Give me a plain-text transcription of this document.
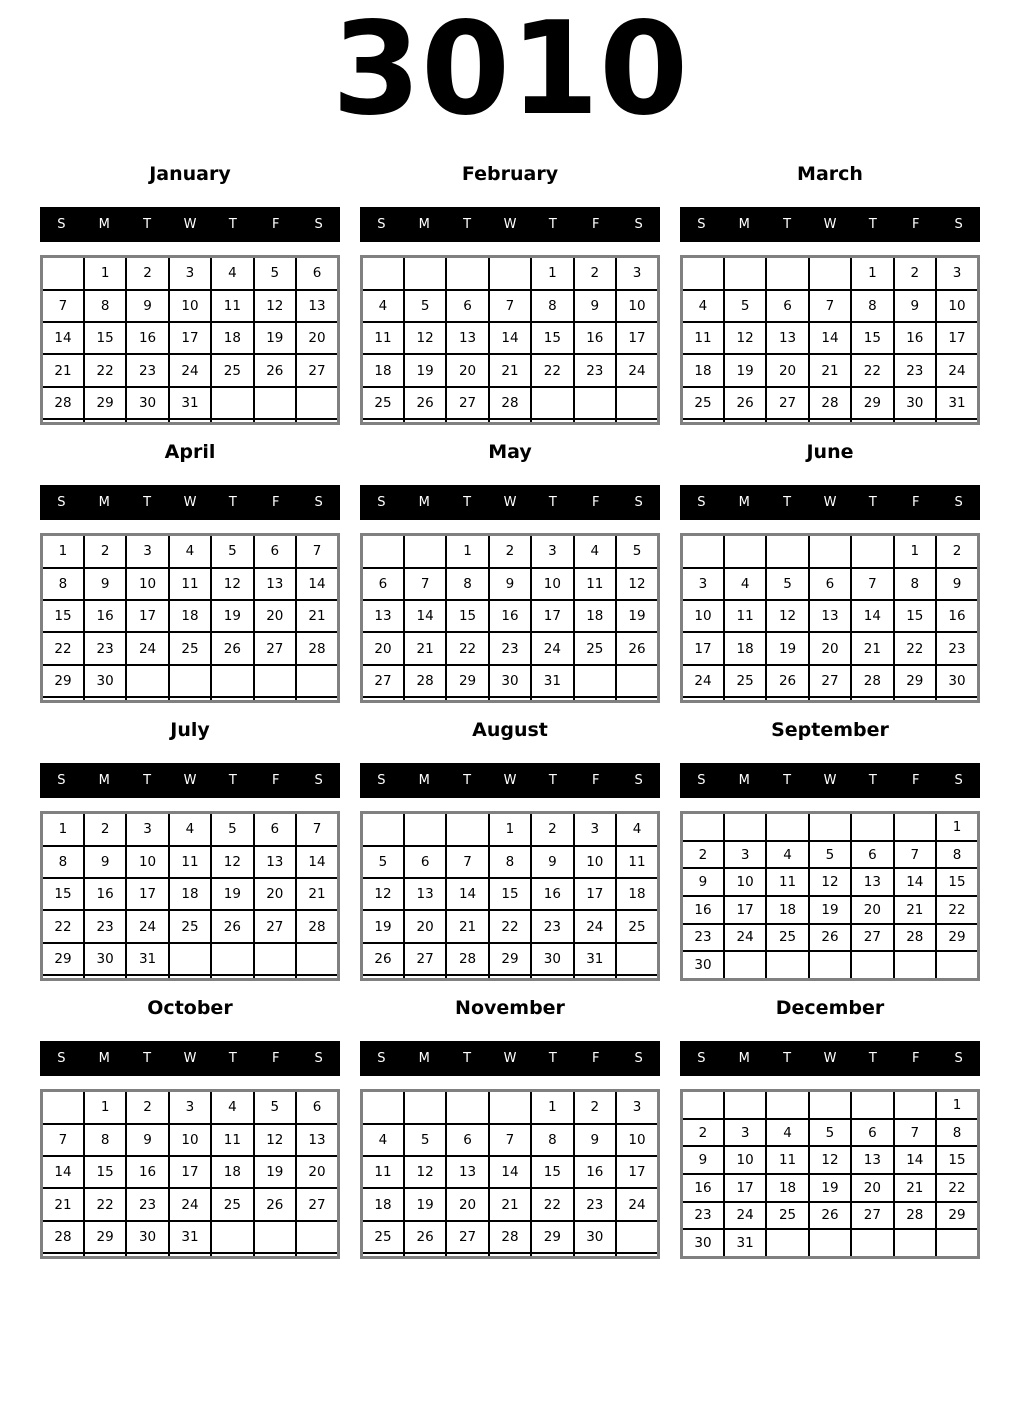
3010
January
S	M	T	W	T	F	S
	1	2	3	4	5	6
7	8	9	10	11	12	13
14	15	16	17	18	19	20
21	22	23	24	25	26	27
28	29	30	31			

February
S	M	T	W	T	F	S
				1	2	3
4	5	6	7	8	9	10
11	12	13	14	15	16	17
18	19	20	21	22	23	24
25	26	27	28			

March
S	M	T	W	T	F	S
				1	2	3
4	5	6	7	8	9	10
11	12	13	14	15	16	17
18	19	20	21	22	23	24
25	26	27	28	29	30	31

April
S	M	T	W	T	F	S
1	2	3	4	5	6	7
8	9	10	11	12	13	14
15	16	17	18	19	20	21
22	23	24	25	26	27	28
29	30					

May
S	M	T	W	T	F	S
		1	2	3	4	5
6	7	8	9	10	11	12
13	14	15	16	17	18	19
20	21	22	23	24	25	26
27	28	29	30	31		

June
S	M	T	W	T	F	S
					1	2
3	4	5	6	7	8	9
10	11	12	13	14	15	16
17	18	19	20	21	22	23
24	25	26	27	28	29	30

July
S	M	T	W	T	F	S
1	2	3	4	5	6	7
8	9	10	11	12	13	14
15	16	17	18	19	20	21
22	23	24	25	26	27	28
29	30	31				

August
S	M	T	W	T	F	S
			1	2	3	4
5	6	7	8	9	10	11
12	13	14	15	16	17	18
19	20	21	22	23	24	25
26	27	28	29	30	31	

September
S	M	T	W	T	F	S
						1
2	3	4	5	6	7	8
9	10	11	12	13	14	15
16	17	18	19	20	21	22
23	24	25	26	27	28	29
30						
October
S	M	T	W	T	F	S
	1	2	3	4	5	6
7	8	9	10	11	12	13
14	15	16	17	18	19	20
21	22	23	24	25	26	27
28	29	30	31			

November
S	M	T	W	T	F	S
				1	2	3
4	5	6	7	8	9	10
11	12	13	14	15	16	17
18	19	20	21	22	23	24
25	26	27	28	29	30	

December
S	M	T	W	T	F	S
						1
2	3	4	5	6	7	8
9	10	11	12	13	14	15
16	17	18	19	20	21	22
23	24	25	26	27	28	29
30	31					
